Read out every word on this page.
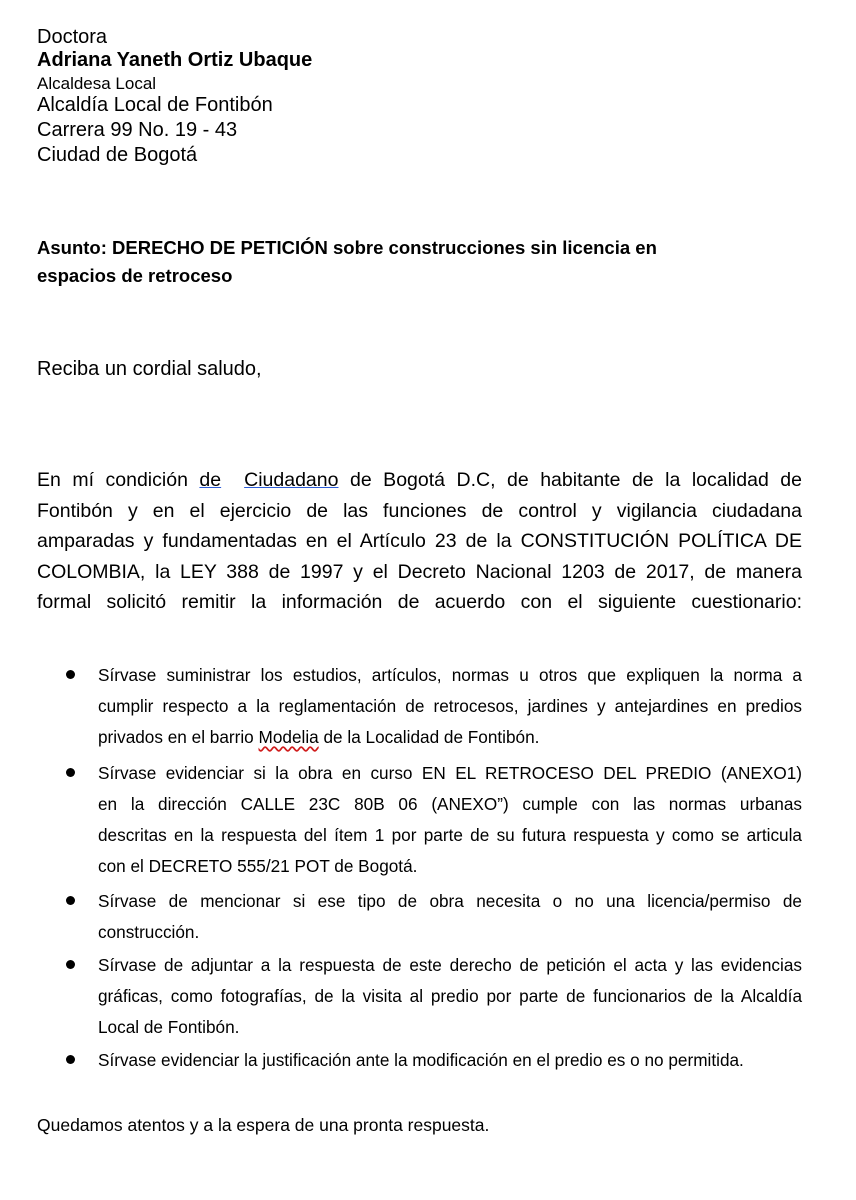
Doctora

Adriana Yaneth Ortiz Ubaque

Alcaldesa Local

Alcaldía Local de Fontibón

Carrera 99 No. 19 - 43

Ciudad de Bogotá

Asunto: DERECHO DE PETICIÓN sobre construcciones sin licencia en
espacios de retroceso

Reciba un cordial saludo,

En mí condición de Ciudadano de Bogotá D.C, de habitante de la localidad de
Fontibón y en el ejercicio de las funciones de control y vigilancia ciudadana
amparadas y fundamentadas en el Artículo 23 de la CONSTITUCIÓN POLÍTICA DE
COLOMBIA, la LEY 388 de 1997 y el Decreto Nacional 1203 de 2017, de manera
formal solicitó remitir la información de acuerdo con el siguiente cuestionario:
Sírvase suministrar los estudios, artículos, normas u otros que expliquen la norma a
cumplir respecto a la reglamentación de retrocesos, jardines y antejardines en predios
privados en el barrio Modelia de la Localidad de Fontibón.
Sírvase evidenciar si la obra en curso EN EL RETROCESO DEL PREDIO (ANEXO1)
en la dirección CALLE 23C 80B 06 (ANEXO”) cumple con las normas urbanas
descritas en la respuesta del ítem 1 por parte de su futura respuesta y como se articula
con el DECRETO 555/21 POT de Bogotá.
Sírvase de mencionar si ese tipo de obra necesita o no una licencia/permiso de
construcción.
Sírvase de adjuntar a la respuesta de este derecho de petición el acta y las evidencias
gráficas, como fotografías, de la visita al predio por parte de funcionarios de la Alcaldía
Local de Fontibón.
Sírvase evidenciar la justificación ante la modificación en el predio es o no permitida.

Quedamos atentos y a la espera de una pronta respuesta.
